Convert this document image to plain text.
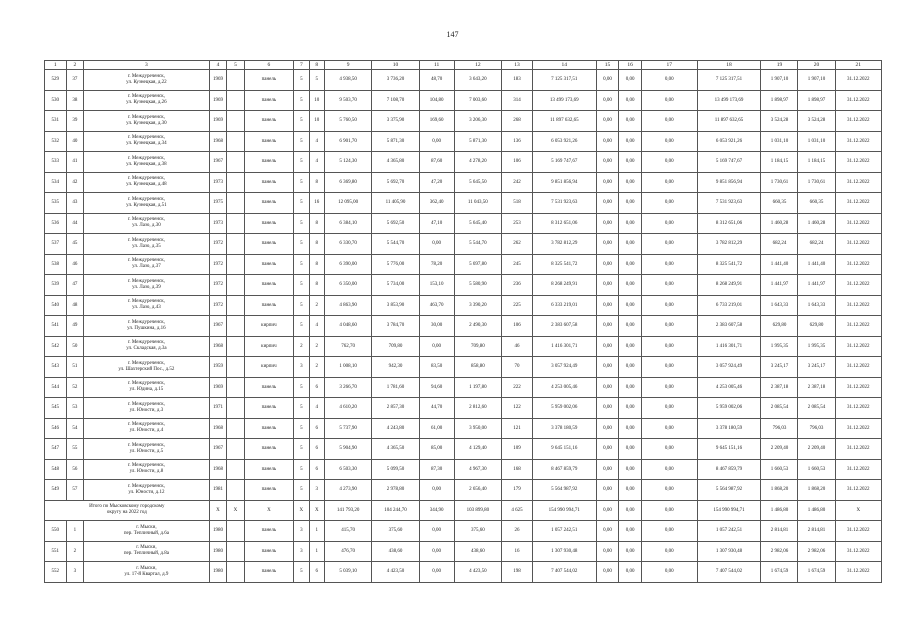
147
1	2	3	4	5	6	7	8	9	10	11	12	13	14	15	16	17	18	19	20	21
529	37	г. Междуреченск,
ул. Кузнецкая, д.22	1969		панель	5	5	4 938,50	3 736,20	48,70	3 643,20	183	7 125 317,51	0,00	0,00	0,00	7 125 317,51	1 907,10	1 907,10	31.12.2022
530	38	г. Междуреченск,
ул. Кузнецкая, д.26	1969		панель	5	10	9 503,70	7 108,70	104,80	7 003,60	314	13 499 173,69	0,00	0,00	0,00	13 499 173,69	1 898,97	1 898,97	31.12.2022
531	39	г. Междуреченск,
ул. Кузнецкая, д.30	1969		панель	5	10	5 760,50	3 375,90	169,60	3 206,30	268	11 897 632,65	0,00	0,00	0,00	11 897 632,65	3 524,28	3 524,28	31.12.2022
532	40	г. Междуреченск,
ул. Кузнецкая, д.34	1968		панель	5	4	6 901,70	5 871,30	0,00	5 871,30	136	6 053 921,26	0,00	0,00	0,00	6 053 921,26	1 031,10	1 031,10	31.12.2022
533	41	г. Междуреченск,
ул. Кузнецкая, д.38	1967		панель	5	4	5 124,30	4 365,80	87,60	4 278,20	106	5 169 747,67	0,00	0,00	0,00	5 169 747,67	1 184,15	1 184,15	31.12.2022
534	42	г. Междуреченск,
ул. Кузнецкая, д.48	1973		панель	5	8	6 369,80	5 692,70	47,20	5 645,50	242	9 851 856,94	0,00	0,00	0,00	9 851 856,94	1 730,61	1 730,61	31.12.2022
535	43	г. Междуреченск,
ул. Кузнецкая, д.51	1975		панель	5	16	12 095,00	11 405,90	362,40	11 043,50	518	7 531 923,63	0,00	0,00	0,00	7 531 923,63	660,35	660,35	31.12.2022
536	44	г. Междуреченск,
ул. Лазо, д.30	1973		панель	5	8	6 384,10	5 692,50	47,10	5 645,40	253	8 312 651,06	0,00	0,00	0,00	8 312 651,06	1 460,28	1 460,28	31.12.2022
537	45	г. Междуреченск,
ул. Лазо, д.35	1972		панель	5	8	6 330,70	5 544,70	0,00	5 544,70	262	3 782 812,29	0,00	0,00	0,00	3 782 812,29	682,24	682,24	31.12.2022
538	46	г. Междуреченск,
ул. Лазо, д.37	1972		панель	5	8	6 390,00	5 776,00	78,20	5 697,80	245	8 325 541,72	0,00	0,00	0,00	8 325 541,72	1 441,40	1 441,40	31.12.2022
539	47	г. Междуреченск,
ул. Лазо, д.39	1972		панель	5	8	6 350,00	5 734,00	153,10	5 580,90	236	8 268 249,91	0,00	0,00	0,00	8 268 249,91	1 441,97	1 441,97	31.12.2022
540	48	г. Междуреченск,
ул. Лазо, д.43	1972		панель	5	2	4 863,90	3 853,90	463,70	3 390,20	225	6 333 219,01	0,00	0,00	0,00	6 733 219,01	1 643,33	1 643,33	31.12.2022
541	49	г. Междуреченск,
ул. Пушкина, д.16	1967		кирпич	5	4	4 048,60	3 784,70	30,00	2 490,30	106	2 383 607,58	0,00	0,00	0,00	2 383 607,58	629,80	629,80	31.12.2022
542	50	г. Междуреченск,
ул. Складская, д.3а	1968		кирпич	2	2	762,70	709,80	0,00	709,80	46	1 416 301,71	0,00	0,00	0,00	1 416 301,71	1 995,35	1 995,35	31.12.2022
543	51	г. Междуреченск,
ул. Шахтерский Пос., д.52	1959		кирпич	3	2	1 008,10	942,30	83,50	858,80	70	3 057 924,49	0,00	0,00	0,00	3 057 924,49	3 245,17	3 245,17	31.12.2022
544	52	г. Междуреченск,
ул. Юдина, д.15	1969		панель	5	6	3 266,70	1 781,60	94,60	1 197,80	222	4 253 005,46	0,00	0,00	0,00	4 253 005,46	2 387,18	2 387,18	31.12.2022
545	53	г. Междуреченск,
ул. Юности, д.3	1971		панель	5	4	4 610,20	2 857,30	44,70	2 812,60	122	5 959 002,06	0,00	0,00	0,00	5 959 002,06	2 085,54	2 085,54	31.12.2022
546	54	г. Междуреченск,
ул. Юности, д.4	1968		панель	5	6	5 737,90	4 243,80	61,00	3 950,00	121	3 378 180,59	0,00	0,00	0,00	3 378 180,59	796,03	796,03	31.12.2022
547	55	г. Междуреченск,
ул. Юности, д.5	1967		панель	5	6	5 904,90	4 365,50	85,00	4 129,40	109	9 645 151,16	0,00	0,00	0,00	9 645 151,16	2 209,40	2 209,40	31.12.2022
548	56	г. Междуреченск,
ул. Юности, д.8	1968		панель	5	6	6 503,30	5 099,50	87,30	4 967,30	168	8 467 859,79	0,00	0,00	0,00	8 467 859,79	1 660,53	1 660,53	31.12.2022
549	57	г. Междуреченск,
ул. Юности, д.12	1981		панель	5	3	4 273,90	2 978,80	0,00	2 656,40	179	5 564 987,92	0,00	0,00	0,00	5 564 987,92	1 868,20	1 868,20	31.12.2022
Итого по Мысковскому городскому
округу на 2022 год			X	X	X	X	X	141 793,20	104 244,70	344,90	103 899,80	4 625	154 990 994,71	0,00	0,00	0,00	154 990 994,71	1 486,80	1 486,80	X
550	1	г. Мыски,
пер. Тепличный, д.6а	1980		панель	3	1	415,70	375,60	0,00	375,60	26	1 057 242,51	0,00	0,00	0,00	1 057 242,51	2 814,81	2 814,81	31.12.2022
551	2	г. Мыски,
пер. Тепличный, д.8а	1980		панель	3	1	476,70	438,60	0,00	438,60	16	1 307 930,48	0,00	0,00	0,00	1 307 930,48	2 982,06	2 982,06	31.12.2022
552	3	г. Мыски,
ул. 17-й Квартал, д.9	1980		панель	5	6	5 039,10	4 423,50	0,00	4 423,50	198	7 407 544,02	0,00	0,00	0,00	7 407 544,02	1 674,59	1 674,59	31.12.2022
